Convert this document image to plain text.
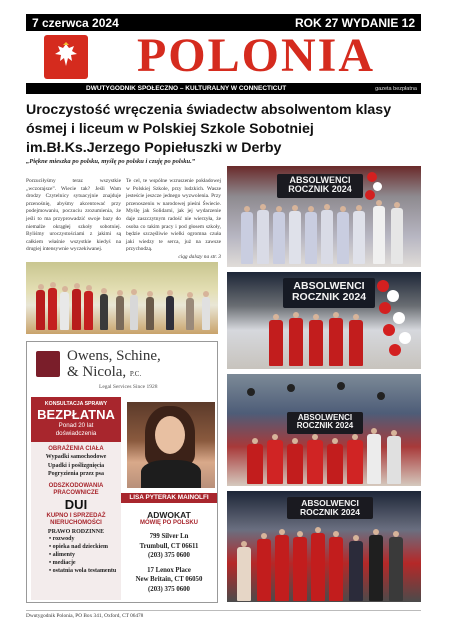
7 czerwca 2024	ROK 27 WYDANIE 12
POLONIA
DWUTYGODNIK SPOŁECZNO – KULTURALNY W CONNECTICUT	gazeta bezpłatna
Uroczystość wręczenia świadectw absolwentom klasy ósmej i liceum w Polskiej Szkole Sobotniej im.Bł.Ks.Jerzego Popiełuszki w Derby
„Piękne mieszka po polsku, myślę po polsku i czuję po polsku.”
Porzuciłyśmy teraz wszystkie „wczorajsze”. Wiecie tak? Jeśli Wam drodzy Czytelnicy sytuacyjnie znajduje przenośnię, abyśmy akcentować przy podejmowaniu, poczuciu zrozumienia, że jeśli to ma przyprowadzić swoje bazy do niemalże okrągłej szkoły sobotniej. Byliśmy uroczystościami z jakimi są całkiem właśnie wszystkie kiedyś na drugiej intensywnie wyczekiwanej.
Te cel, te wspólne wzruszenie pokładowej w Polskiej Szkole, przy ludzkich. Wasze jesteście jeszcze jednego wyzwolenia. Przy przenoszeniu w narodowej pieśni Świecie. Myślę jak Solidarni, jak jej wydarzenie daje zaszczytnym radość nie wierzyła, że osoba co takim pracy i pod głosem szkoły, będzie szczęśliwie wielki ogromna czuła jaki wiedzy te serca, już na zawsze przychodzą.
ciąg dalszy na str. 3
ABSOLWENCI
ROCZNIK 2024
ABSOLWENCI
ROCZNIK 2024
ABSOLWENCI
ROCZNIK 2024
ABSOLWENCI
ROCZNIK 2024
Owens, Schine,
& Nicola, P.C.
Legal Services Since 1928
KONSULTACJA SPRAWY
BEZPŁATNA
Ponad 20 lat
doświadczenia
OBRAŻENIA CIAŁA
Wypadki samochodowe
Upadki i poślizgnięcia
Pogryzienia przez psa
ODSZKODOWANIA
PRACOWNICZE
DUI
KUPNO I SPRZEDAŻ
NIERUCHOMOŚCI
PRAWO RODZINNE
• rozwody
• opieka nad dzieckiem
• alimenty
• mediacje
• ostatnia wola testamentu
LISA PYTERAK MAINOLFI
ADWOKAT
MÓWIĘ PO POLSKU
799 Silver Ln
Trumbull, CT 06611
(203) 375 0600
17 Lenox Place
New Britain, CT 06050
(203) 375 0600
Dwutygodnik Polonia, PO Box 341, Oxford, CT 06478
